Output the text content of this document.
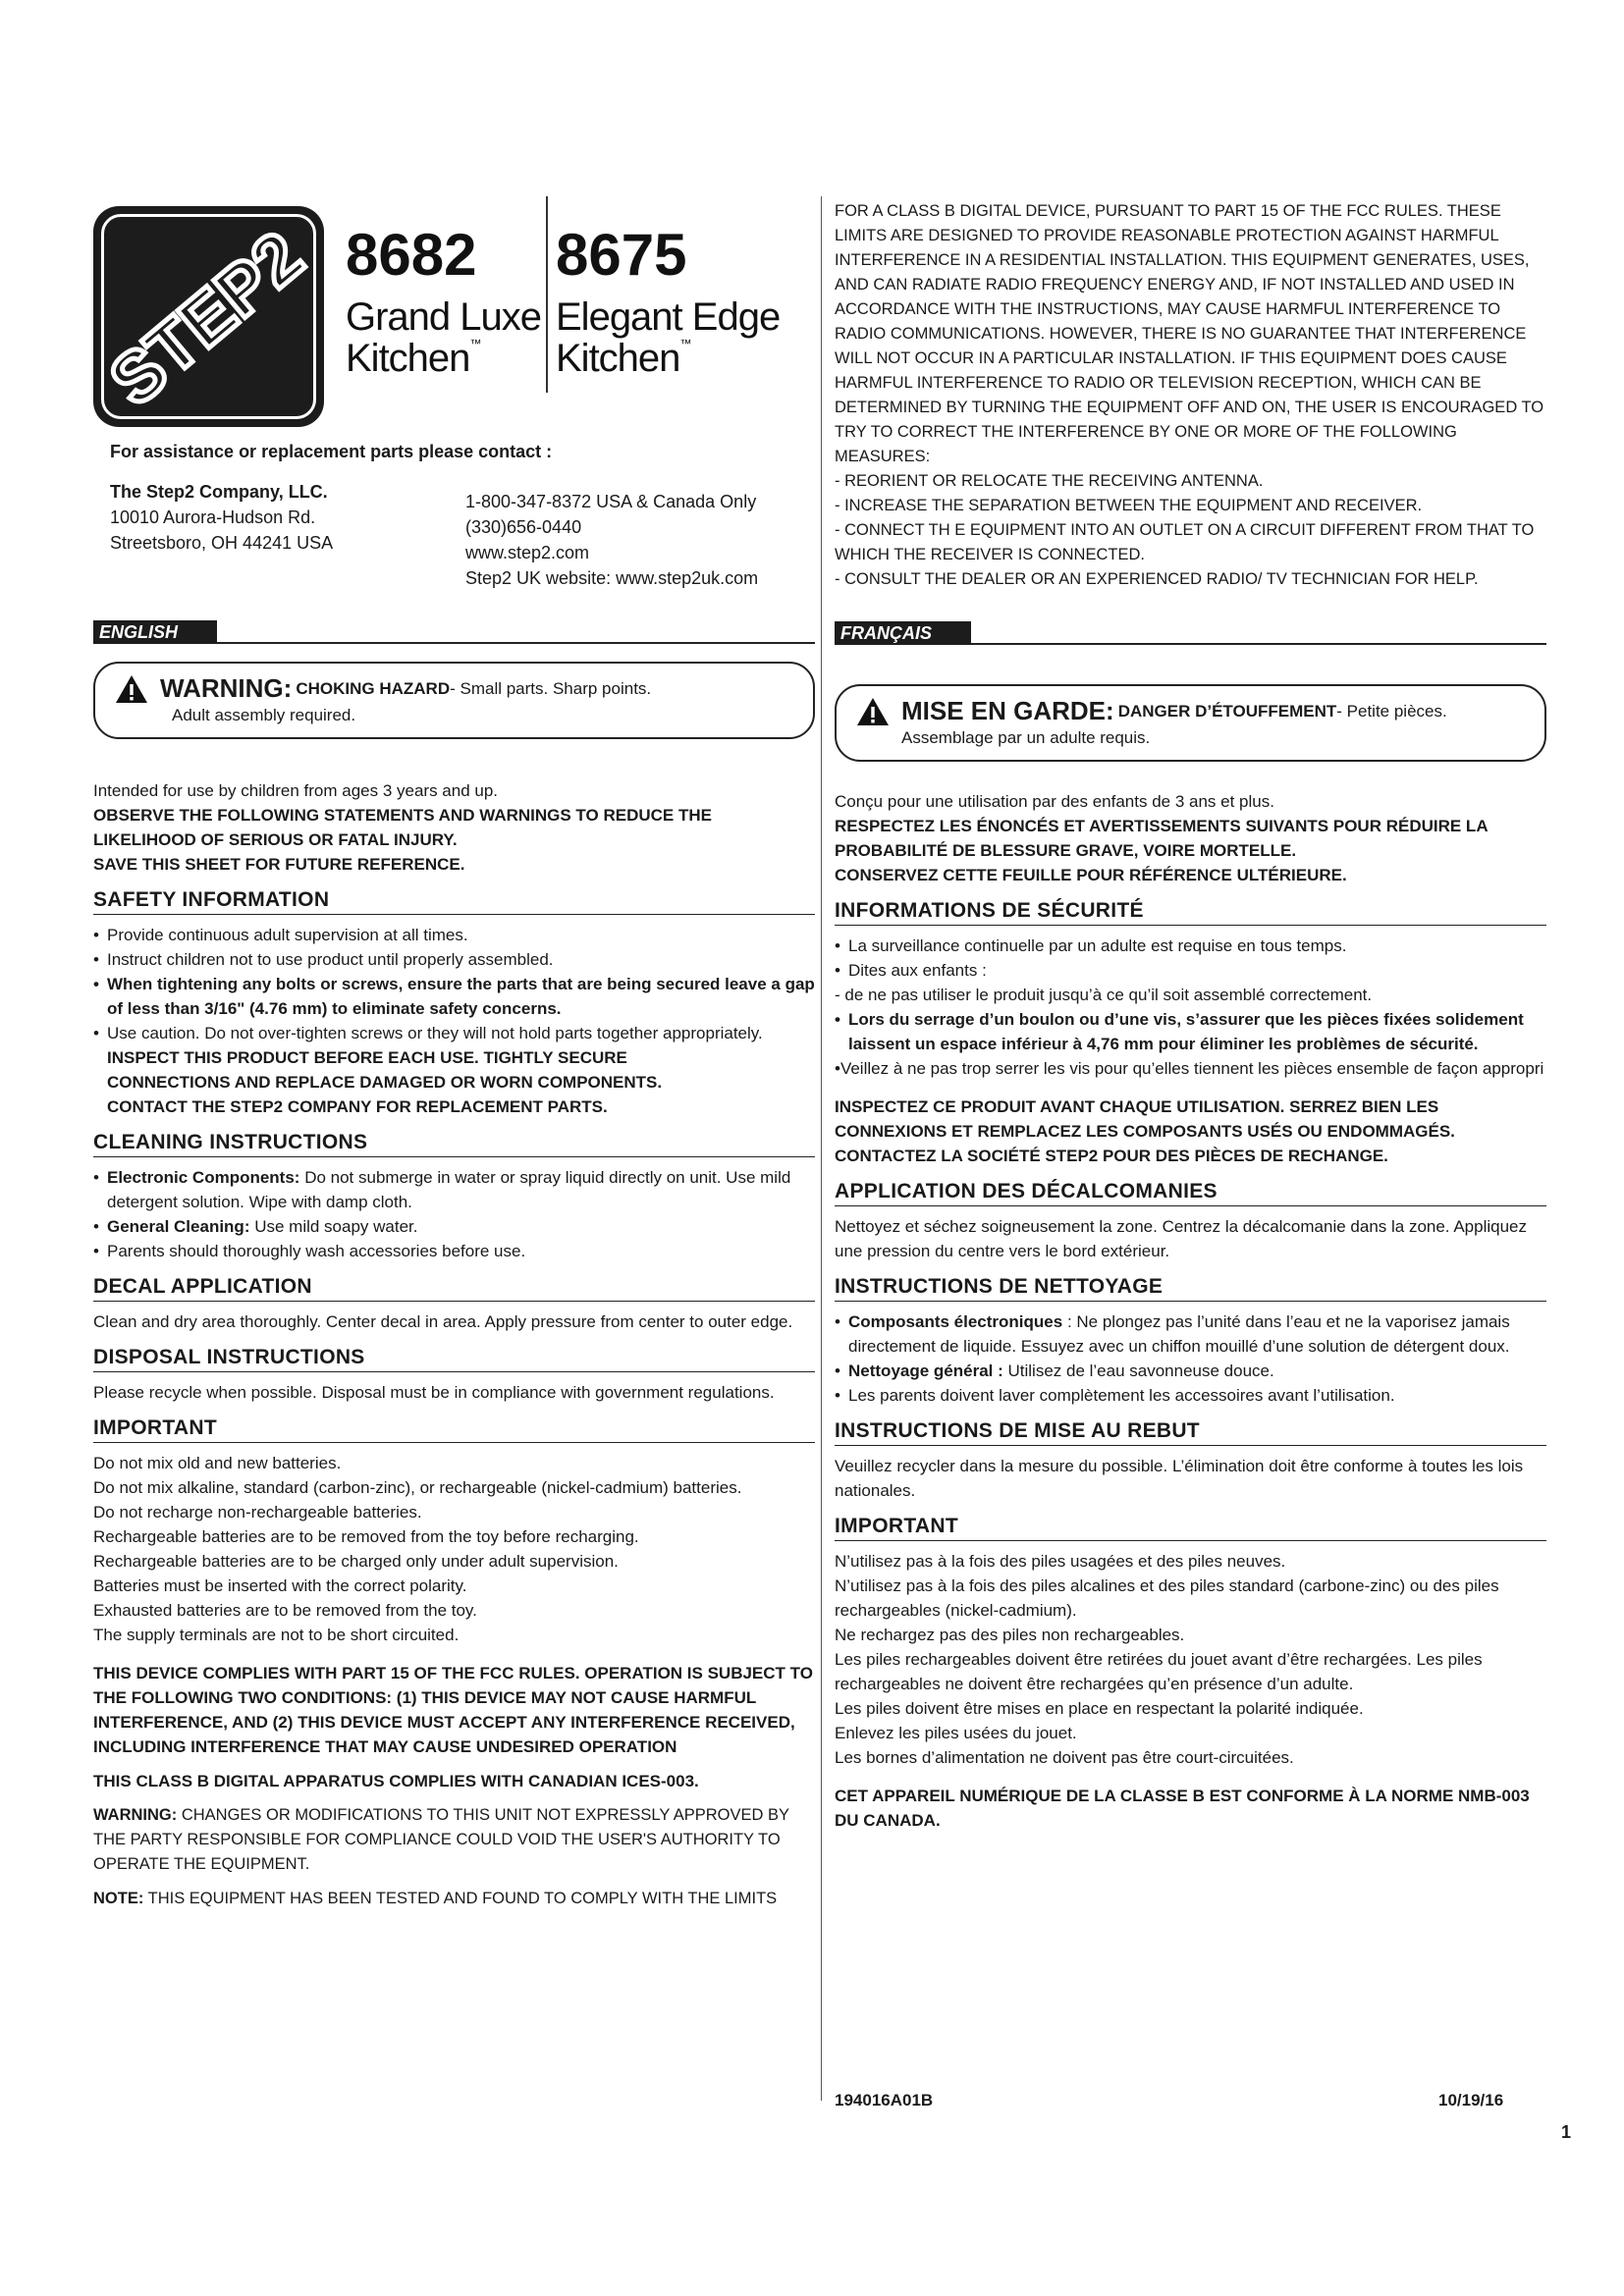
STEP2 8682
Grand Luxe
Kitchen™
8675
Elegant Edge
Kitchen™
For assistance or replacement parts please contact :
The Step2 Company, LLC.
10010 Aurora-Hudson Rd.
Streetsboro, OH 44241 USA
1-800-347-8372 USA & Canada Only
(330)656-0440
www.step2.com
Step2 UK website: www.step2uk.com
ENGLISH
WARNING: CHOKING HAZARD - Small parts. Sharp points.
Adult assembly required.

Intended for use by children from ages 3 years and up.

OBSERVE THE FOLLOWING STATEMENTS AND WARNINGS TO REDUCE THE

LIKELIHOOD OF SERIOUS OR FATAL INJURY.

SAVE THIS SHEET FOR FUTURE REFERENCE.

SAFETY INFORMATION
• Provide continuous adult supervision at all times.
• Instruct children not to use product until properly assembled.
• When tightening any bolts or screws, ensure the parts that are being secured leave a gap of less than 3/16" (4.76 mm) to eliminate safety concerns.
• Use caution. Do not over-tighten screws or they will not hold parts together appropriately.

INSPECT THIS PRODUCT BEFORE EACH USE. TIGHTLY SECURE

CONNECTIONS AND REPLACE DAMAGED OR WORN COMPONENTS.

CONTACT THE STEP2 COMPANY FOR REPLACEMENT PARTS.

CLEANING INSTRUCTIONS
• Electronic Components: Do not submerge in water or spray liquid directly on unit. Use mild detergent solution. Wipe with damp cloth.
• General Cleaning: Use mild soapy water.
• Parents should thoroughly wash accessories before use.
DECAL APPLICATION

Clean and dry area thoroughly. Center decal in area. Apply pressure from center to outer edge.

DISPOSAL INSTRUCTIONS

Please recycle when possible. Disposal must be in compliance with government regulations.

IMPORTANT

Do not mix old and new batteries.

Do not mix alkaline, standard (carbon-zinc), or rechargeable (nickel-cadmium) batteries.

Do not recharge non-rechargeable batteries.

Rechargeable batteries are to be removed from the toy before recharging.

Rechargeable batteries are to be charged only under adult supervision.

Batteries must be inserted with the correct polarity.

Exhausted batteries are to be removed from the toy.

The supply terminals are not to be short circuited.

THIS DEVICE COMPLIES WITH PART 15 OF THE FCC RULES. OPERATION IS SUBJECT TO THE FOLLOWING TWO CONDITIONS: (1) THIS DEVICE MAY NOT CAUSE HARMFUL INTERFERENCE, AND (2) THIS DEVICE MUST ACCEPT ANY INTERFERENCE RECEIVED, INCLUDING INTERFERENCE THAT MAY CAUSE UNDESIRED OPERATION

THIS CLASS B DIGITAL APPARATUS COMPLIES WITH CANADIAN ICES-003.

WARNING: CHANGES OR MODIFICATIONS TO THIS UNIT NOT EXPRESSLY APPROVED BY THE PARTY RESPONSIBLE FOR COMPLIANCE COULD VOID THE USER'S AUTHORITY TO OPERATE THE EQUIPMENT.

NOTE: THIS EQUIPMENT HAS BEEN TESTED AND FOUND TO COMPLY WITH THE LIMITS

FOR A CLASS B DIGITAL DEVICE, PURSUANT TO PART 15 OF THE FCC RULES. THESE LIMITS ARE DESIGNED TO PROVIDE REASONABLE PROTECTION AGAINST HARMFUL INTERFERENCE IN A RESIDENTIAL INSTALLATION. THIS EQUIPMENT GENERATES, USES, AND CAN RADIATE RADIO FREQUENCY ENERGY AND, IF NOT INSTALLED AND USED IN ACCORDANCE WITH THE INSTRUCTIONS, MAY CAUSE HARMFUL INTERFERENCE TO RADIO COMMUNICATIONS. HOWEVER, THERE IS NO GUARANTEE THAT INTERFERENCE WILL NOT OCCUR IN A PARTICULAR INSTALLATION. IF THIS EQUIPMENT DOES CAUSE HARMFUL INTERFERENCE TO RADIO OR TELEVISION RECEPTION, WHICH CAN BE DETERMINED BY TURNING THE EQUIPMENT OFF AND ON, THE USER IS ENCOURAGED TO TRY TO CORRECT THE INTERFERENCE BY ONE OR MORE OF THE FOLLOWING MEASURES:

- REORIENT OR RELOCATE THE RECEIVING ANTENNA.

- INCREASE THE SEPARATION BETWEEN THE EQUIPMENT AND RECEIVER.

- CONNECT TH E EQUIPMENT INTO AN OUTLET ON A CIRCUIT DIFFERENT FROM THAT TO WHICH THE RECEIVER IS CONNECTED.

- CONSULT THE DEALER OR AN EXPERIENCED RADIO/ TV TECHNICIAN FOR HELP.

FRANÇAIS
MISE EN GARDE: DANGER D’ÉTOUFFEMENT - Petite pièces.
Assemblage par un adulte requis.

Conçu pour une utilisation par des enfants de 3 ans et plus.

RESPECTEZ LES ÉNONCÉS ET AVERTISSEMENTS SUIVANTS POUR RÉDUIRE LA

PROBABILITÉ DE BLESSURE GRAVE, VOIRE MORTELLE.

CONSERVEZ CETTE FEUILLE POUR RÉFÉRENCE ULTÉRIEURE.

INFORMATIONS DE SÉCURITÉ
• La surveillance continuelle par un adulte est requise en tous temps.
• Dites aux enfants :

- de ne pas utiliser le produit jusqu’à ce qu’il soit assemblé correctement.

• Lors du serrage d’un boulon ou d’une vis, s’assurer que les pièces fixées solidement laissent un espace inférieur à 4,76 mm pour éliminer les problèmes de sécurité.

•Veillez à ne pas trop serrer les vis pour qu’elles tiennent les pièces ensemble de façon appropri

INSPECTEZ CE PRODUIT AVANT CHAQUE UTILISATION. SERREZ BIEN LES

CONNEXIONS ET REMPLACEZ LES COMPOSANTS USÉS OU ENDOMMAGÉS.

CONTACTEZ LA SOCIÉTÉ STEP2 POUR DES PIÈCES DE RECHANGE.

APPLICATION DES DÉCALCOMANIES

Nettoyez et séchez soigneusement la zone. Centrez la décalcomanie dans la zone. Appliquez une pression du centre vers le bord extérieur.

INSTRUCTIONS DE NETTOYAGE
• Composants électroniques : Ne plongez pas l’unité dans l’eau et ne la vaporisez jamais directement de liquide. Essuyez avec un chiffon mouillé d’une solution de détergent doux.
• Nettoyage général : Utilisez de l’eau savonneuse douce.
• Les parents doivent laver complètement les accessoires avant l’utilisation.
INSTRUCTIONS DE MISE AU REBUT

Veuillez recycler dans la mesure du possible. L’élimination doit être conforme à toutes les lois nationales.

IMPORTANT

N’utilisez pas à la fois des piles usagées et des piles neuves.

N’utilisez pas à la fois des piles alcalines et des piles standard (carbone-zinc) ou des piles rechargeables (nickel-cadmium).

Ne rechargez pas des piles non rechargeables.

Les piles rechargeables doivent être retirées du jouet avant d’être rechargées. Les piles rechargeables ne doivent être rechargées qu’en présence d’un adulte.

Les piles doivent être mises en place en respectant la polarité indiquée.

Enlevez les piles usées du jouet.

Les bornes d’alimentation ne doivent pas être court-circuitées.

CET APPAREIL NUMÉRIQUE DE LA CLASSE B EST CONFORME À LA NORME NMB-003 DU CANADA.

194016A01B	10/19/16
1
